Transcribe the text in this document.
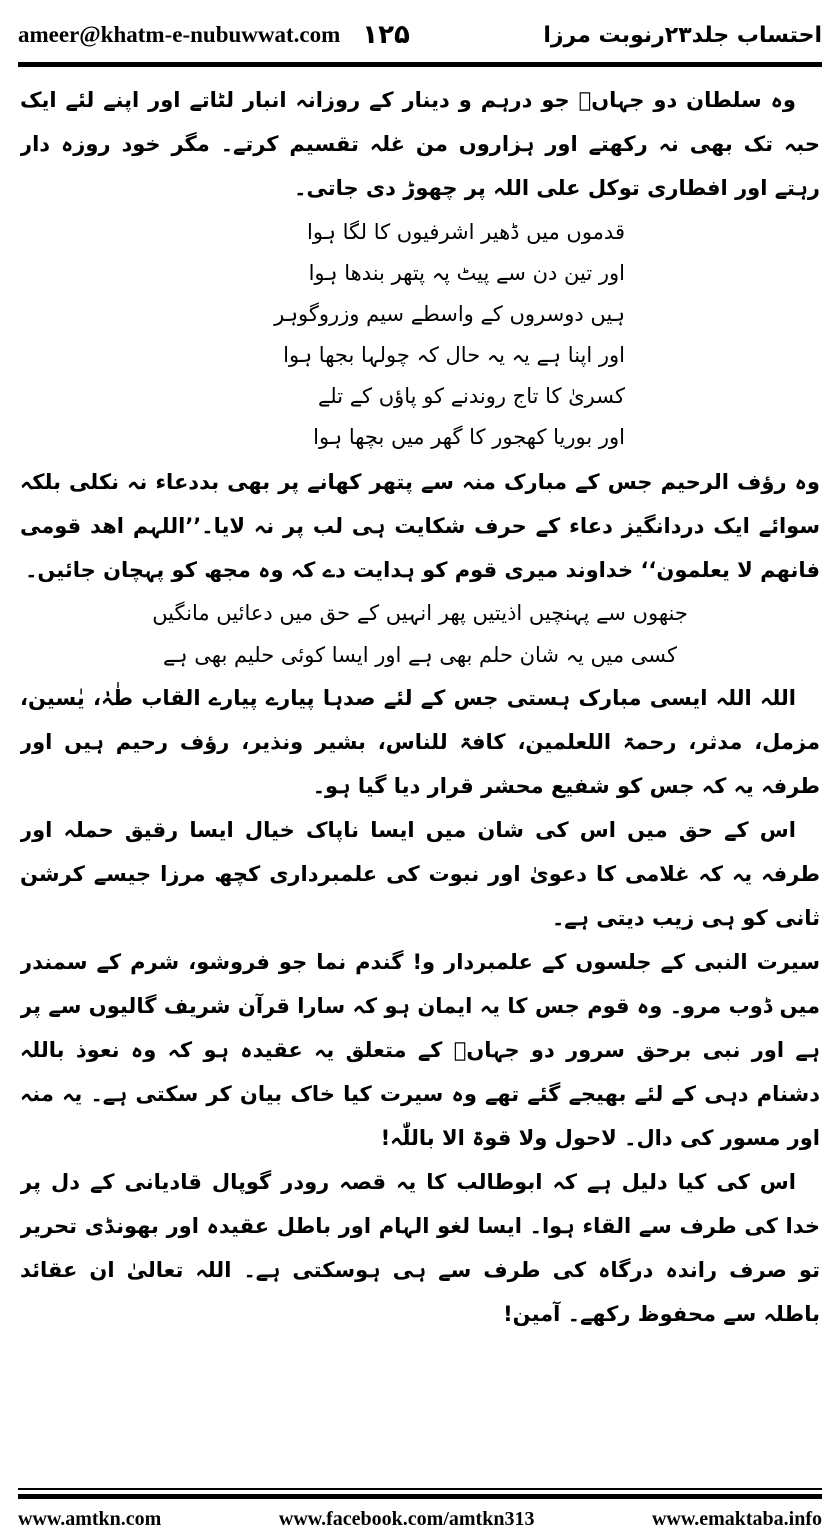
ameer@khatm-e-nubuwwat.com ۱۲۵	احتساب جلد۲۳رنوبت مرزا

وہ سلطان دو جہاںؐ جو درہم و دینار کے روزانہ انبار لٹاتے اور اپنے لئے ایک حبہ تک بھی نہ رکھتے اور ہزاروں من غلہ تقسیم کرتے۔ مگر خود روزہ دار رہتے اور افطاری توکل علی اللہ پر چھوڑ دی جاتی۔

قدموں میں ڈھیر اشرفیوں کا لگا ہوا
اور تین دن سے پیٹ پہ پتھر بندھا ہوا
ہیں دوسروں کے واسطے سیم وزروگوہر
اور اپنا ہے یہ یہ حال کہ چولہا بجھا ہوا
کسریٰ کا تاج روندنے کو پاؤں کے تلے
اور بوریا کھجور کا گھر میں بچھا ہوا

وہ رؤف الرحیم جس کے مبارک منہ سے پتھر کھانے پر بھی بددعاء نہ نکلی بلکہ سوائے ایک دردانگیز دعاء کے حرف شکایت ہی لب پر نہ لایا۔’’اللہم اھد قومی فانھم لا یعلمون‘‘ خداوند میری قوم کو ہدایت دے کہ وہ مجھ کو پہچان جائیں۔

جنھوں سے پہنچیں اذیتیں پھر انہیں کے حق میں دعائیں مانگیں
کسی میں یہ شان حلم بھی ہے اور ایسا کوئی حلیم بھی ہے

اللہ اللہ ایسی مبارک ہستی جس کے لئے صدہا پیارے پیارے القاب طٰہٰ، یٰسین، مزمل، مدثر، رحمۃ اللعلمین، کافۃ للناس، بشیر ونذیر، رؤف رحیم ہیں اور طرفہ یہ کہ جس کو شفیع محشر قرار دیا گیا ہو۔

اس کے حق میں اس کی شان میں ایسا ناپاک خیال ایسا رقیق حملہ اور طرفہ یہ کہ غلامی کا دعویٰ اور نبوت کی علمبرداری کچھ مرزا جیسے کرشن ثانی کو ہی زیب دیتی ہے۔

سیرت النبی کے جلسوں کے علمبردار و! گندم نما جو فروشو، شرم کے سمندر میں ڈوب مرو۔ وہ قوم جس کا یہ ایمان ہو کہ سارا قرآن شریف گالیوں سے پر ہے اور نبی برحق سرور دو جہاںؐ کے متعلق یہ عقیدہ ہو کہ وہ نعوذ باللہ دشنام دہی کے لئے بھیجے گئے تھے وہ سیرت کیا خاک بیان کر سکتی ہے۔ یہ منہ اور مسور کی دال۔ لاحول ولا قوۃ الا باللّٰہ!

اس کی کیا دلیل ہے کہ ابوطالب کا یہ قصہ رودر گوپال قادیانی کے دل پر خدا کی طرف سے القاء ہوا۔ ایسا لغو الہام اور باطل عقیدہ اور بھونڈی تحریر تو صرف راندہ درگاہ کی طرف سے ہی ہوسکتی ہے۔ اللہ تعالیٰ ان عقائد باطلہ سے محفوظ رکھے۔ آمین!

www.amtkn.com	www.facebook.com/amtkn313	www.emaktaba.info
